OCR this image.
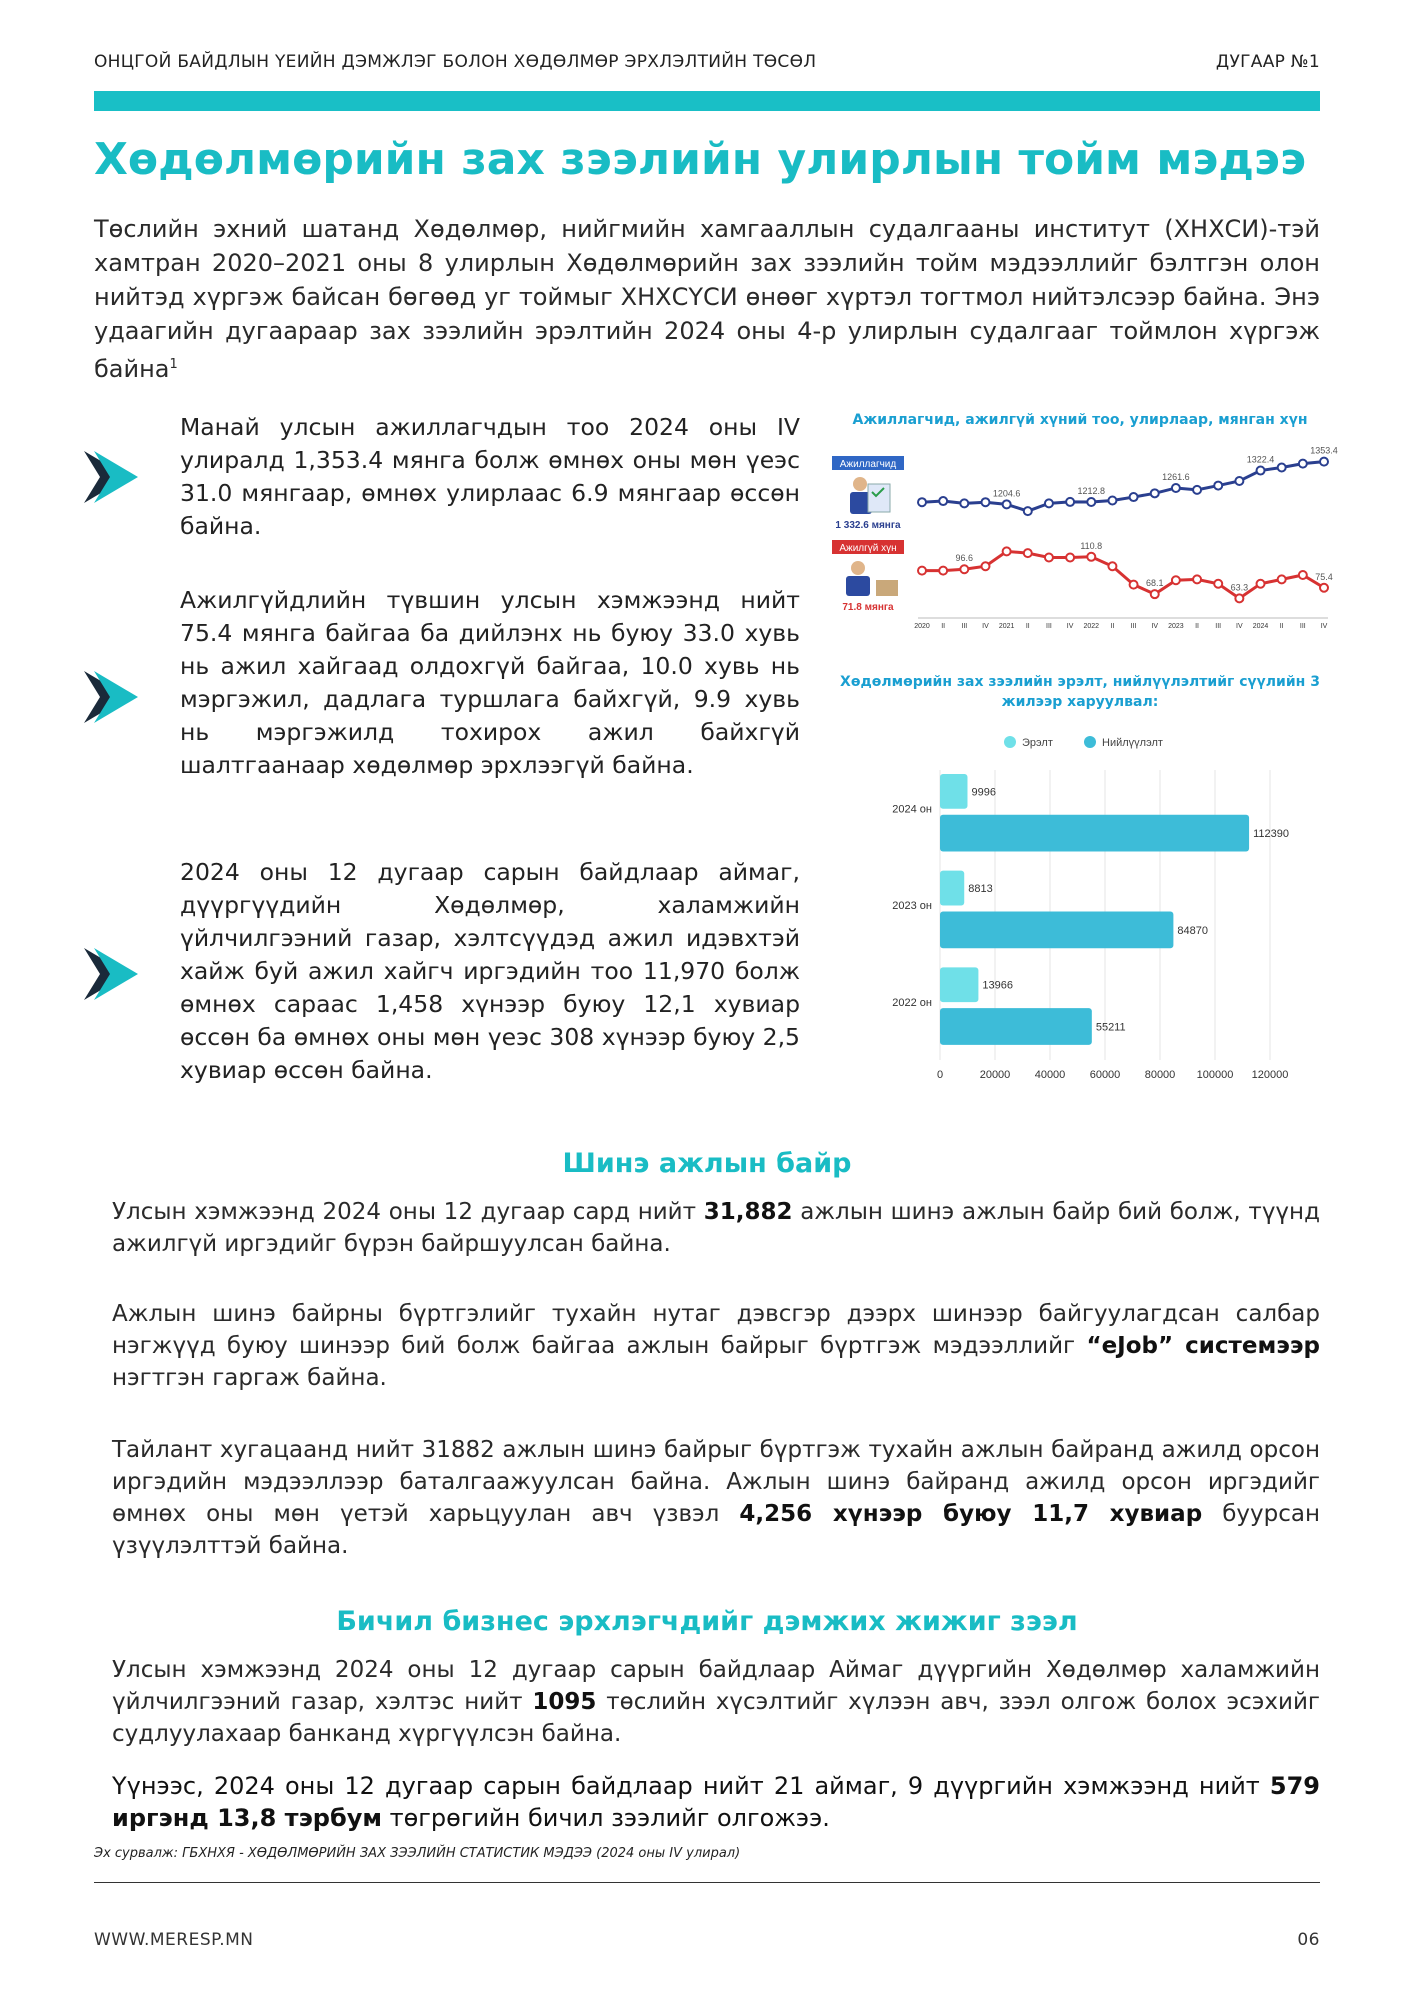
ОНЦГОЙ БАЙДЛЫН ҮЕИЙН ДЭМЖЛЭГ БОЛОН ХӨДӨЛМӨР ЭРХЛЭЛТИЙН ТӨСӨЛ	ДУГААР №1
Хөдөлмөрийн зах зээлийн улирлын тойм мэдээ
Төслийн эхний шатанд Хөдөлмөр, нийгмийн хамгааллын судалгааны институт (ХНХСИ)-тэй хамтран 2020–2021 оны 8 улирлын Хөдөлмөрийн зах зээлийн тойм мэдээллийг бэлтгэн олон нийтэд хүргэж байсан бөгөөд уг тоймыг ХНХСҮСИ өнөөг хүртэл тогтмол нийтэлсээр байна. Энэ удаагийн дугаараар зах зээлийн эрэлтийн 2024 оны 4-р улирлын судалгааг тоймлон хүргэж байна$^1$
Манай улсын ажиллагчдын тоо 2024 оны IV улиралд 1,353.4 мянга болж өмнөх оны мөн үеэс 31.0 мянгаар, өмнөх улирлаас 6.9 мянгаар өссөн байна.
Ажилгүйдлийн түвшин улсын хэмжээнд нийт 75.4 мянга байгаа ба дийлэнх нь буюу 33.0 хувь нь ажил хайгаад олдохгүй байгаа, 10.0 хувь нь мэргэжил, дадлага туршлага байхгүй, 9.9 хувь нь мэргэжилд тохирох ажил байхгүй шалтгаанаар хөдөлмөр эрхлээгүй байна.
2024 оны 12 дугаар сарын байдлаар аймаг, дүүргүүдийн Хөдөлмөр, халамжийн үйлчилгээний газар, хэлтсүүдэд ажил идэвхтэй хайж буй ажил хайгч иргэдийн тоо 11,970 болж өмнөх сараас 1,458 хүнээр буюу 12,1 хувиар өссөн ба өмнөх оны мөн үеэс 308 хүнээр буюу 2,5 хувиар өссөн байна.
Ажиллагчид, ажилгүй хүний тоо, улирлаар, мянган хүн
Ажиллагчид
1 332.6 мянга
Ажилгүй хүн
71.8 мянга
1204.6	1212.8
1261.6
1322.4
1353.4
96.6
110.8
68.1	63.3
75.4
2020 II III IV 2021 II III IV 2022 II III IV 2023 II III IV 2024 II III IV
Хөдөлмөрийн зах зээлийн эрэлт, нийлүүлэлтийг сүүлийн 3 жилээр харуулвал:
Эрэлт	Нийлүүлэлт
0	20000 40000 60000 80000 100000 120000
9996
112390
2024 он
8813
84870
2023 он
13966
55211
2022 он
Шинэ ажлын байр
Улсын хэмжээнд 2024 оны 12 дугаар сард нийт 31,882 ажлын шинэ ажлын байр бий болж, түүнд ажилгүй иргэдийг бүрэн байршуулсан байна.
Ажлын шинэ байрны бүртгэлийг тухайн нутаг дэвсгэр дээрх шинээр байгуулагдсан салбар нэгжүүд буюу шинээр бий болж байгаа ажлын байрыг бүртгэж мэдээллийг “eJob” системээр нэгтгэн гаргаж байна.
Тайлант хугацаанд нийт 31882 ажлын шинэ байрыг бүртгэж тухайн ажлын байранд ажилд орсон иргэдийн мэдээллээр баталгаажуулсан байна. Ажлын шинэ байранд ажилд орсон иргэдийг өмнөх оны мөн үетэй харьцуулан авч үзвэл 4,256 хүнээр буюу 11,7 хувиар буурсан үзүүлэлттэй байна.
Бичил бизнес эрхлэгчдийг дэмжих жижиг зээл
Улсын хэмжээнд 2024 оны 12 дугаар сарын байдлаар Аймаг дүүргийн Хөдөлмөр халамжийн үйлчилгээний газар, хэлтэс нийт 1095 төслийн хүсэлтийг хүлээн авч, зээл олгож болох эсэхийг судлуулахаар банканд хүргүүлсэн байна.
Үүнээс, 2024 оны 12 дугаар сарын байдлаар нийт 21 аймаг, 9 дүүргийн хэмжээнд нийт 579 иргэнд 13,8 тэрбум төгрөгийн бичил зээлийг олгожээ.
Эх сурвалж: ГБХНХЯ - ХӨДӨЛМӨРИЙН ЗАХ ЗЭЭЛИЙН СТАТИСТИК МЭДЭЭ (2024 оны IV улирал)
WWW.MERESP.MN	06
